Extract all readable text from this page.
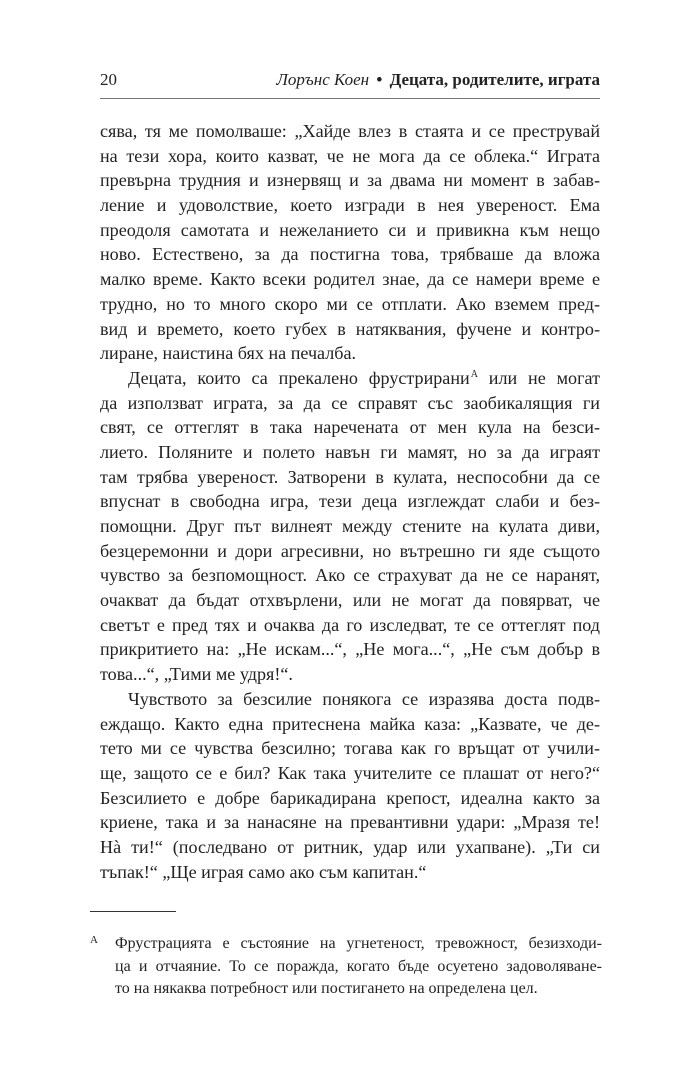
20	Лорънс Коен • Децата, родителите, играта
сява, тя ме помолваше: „Хайде влез в стаята и се преструвай
на тези хора, които казват, че не мога да се облека.“ Играта
превърна трудния и изнервящ и за двама ни момент в забав-
ление и удоволствие, което изгради в нея увереност. Ема
преодоля самотата и нежеланието си и привикна към нещо
ново. Естествено, за да постигна това, трябваше да вложа
малко време. Както всеки родител знае, да се намери време е
трудно, но то много скоро ми се отплати. Ако вземем пред-
вид и времето, което губех в натяквания, фучене и контро-
лиране, наистина бях на печалба.
Децата, които са прекалено фрустрирани$^A$ или не могат
да използват играта, за да се справят със заобикалящия ги
свят, се оттеглят в така наречената от мен кула на безси-
лието. Поляните и полето навън ги мамят, но за да играят
там трябва увереност. Затворени в кулата, неспособни да се
впуснат в свободна игра, тези деца изглеждат слаби и без-
помощни. Друг път вилнеят между стените на кулата диви,
безцеремонни и дори агресивни, но вътрешно ги яде същото
чувство за безпомощност. Ако се страхуват да не се наранят,
очакват да бъдат отхвърлени, или не могат да повярват, че
светът е пред тях и очаква да го изследват, те се оттеглят под
прикритието на: „Не искам...“, „Не мога...“, „Не съм добър в
това...“, „Тими ме удря!“.
Чувството за безсилие понякога се изразява доста подв-
еждащо. Както една притеснена майка каза: „Казвате, че де-
тето ми се чувства безсилно; тогава как го връщат от учили-
ще, защото се е бил? Как така учителите се плашат от него?“
Безсилието е добре барикадирана крепост, идеална както за
криене, така и за нанасяне на превантивни удари: „Мразя те!
Нà ти!“ (последвано от ритник, удар или ухапване). „Ти си
тъпак!“ „Ще играя само ако съм капитан.“
A Фрустрацията е състояние на угнетеност, тревожност, безизходи-
ца и отчаяние. То се поражда, когато бъде осуетено задоволяване-
то на някаква потребност или постигането на определена цел.
